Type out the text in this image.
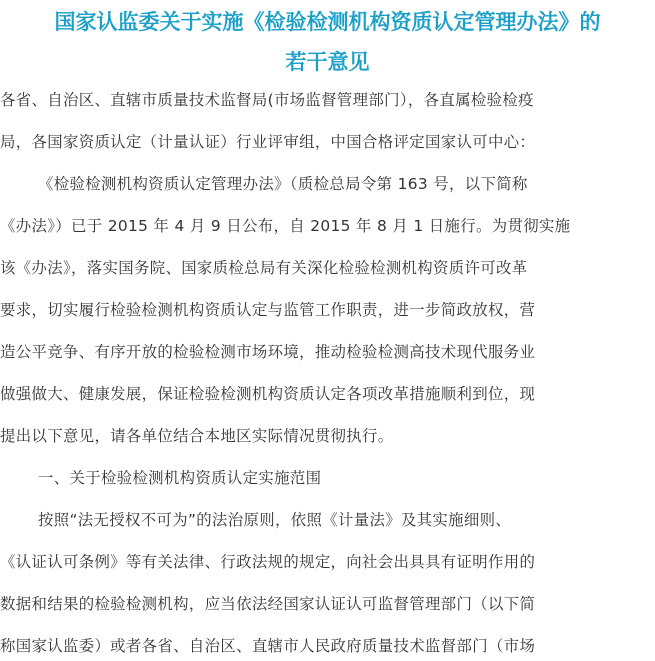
国家认监委关于实施《检验检测机构资质认定管理办法》的
若干意见

各省、自治区、直辖市质量技术监督局(市场监督管理部门），各直属检验检疫

局，各国家资质认定（计量认证）行业评审组，中国合格评定国家认可中心：

《检验检测机构资质认定管理办法》（质检总局令第 163 号，以下简称

《办法》）已于 2015 年 4 月 9 日公布，自 2015 年 8 月 1 日施行。为贯彻实施

该《办法》，落实国务院、国家质检总局有关深化检验检测机构资质许可改革

要求，切实履行检验检测机构资质认定与监管工作职责，进一步简政放权，营

造公平竞争、有序开放的检验检测市场环境，推动检验检测高技术现代服务业

做强做大、健康发展，保证检验检测机构资质认定各项改革措施顺利到位，现

提出以下意见，请各单位结合本地区实际情况贯彻执行。

一、关于检验检测机构资质认定实施范围

按照“法无授权不可为”的法治原则，依照《计量法》及其实施细则、

《认证认可条例》等有关法律、行政法规的规定，向社会出具具有证明作用的

数据和结果的检验检测机构，应当依法经国家认证认可监督管理部门（以下简

称国家认监委）或者各省、自治区、直辖市人民政府质量技术监督部门（市场
